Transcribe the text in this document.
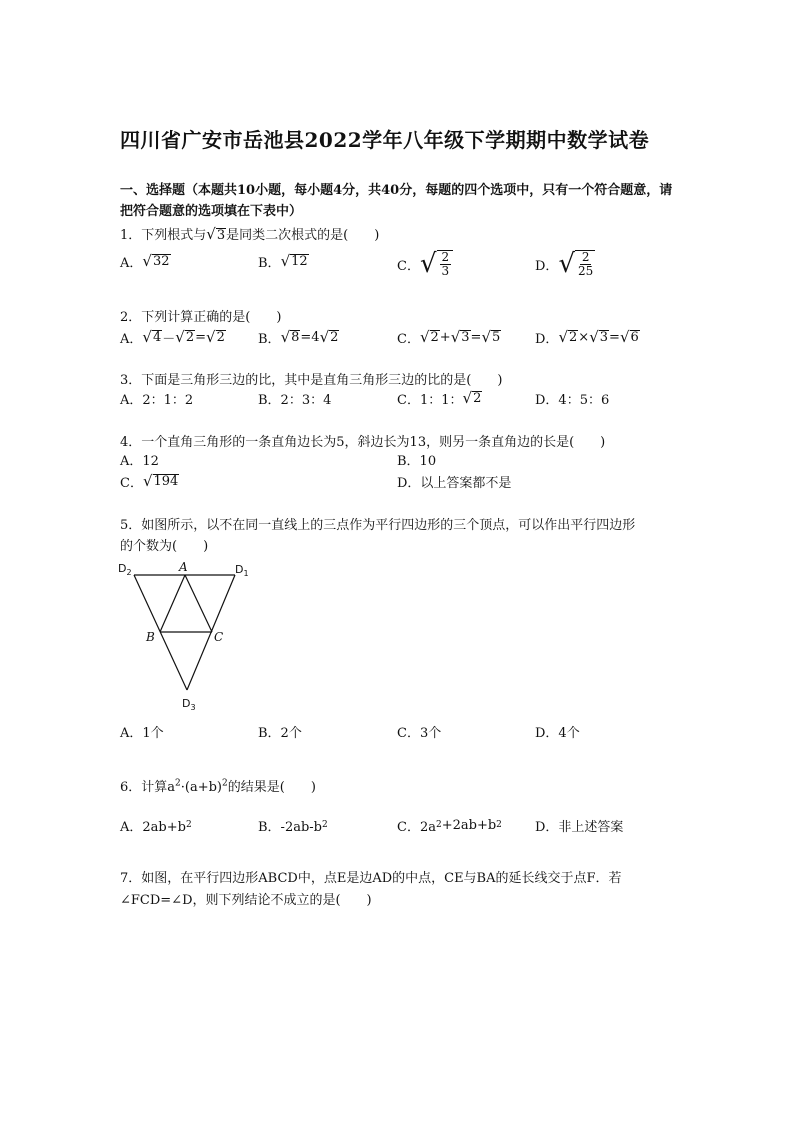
四川省广安市岳池县2022学年八年级下学期期中数学试卷
一、选择题（本题共10小题，每小题4分，共40分，每题的四个选项中，只有一个符合题意，请把符合题意的选项填在下表中）
1．下列根式与√3是同类二次根式的是(　　)
A． √ 32	B． √ 12	C． √ $\frac{2}{3}$	D． √ $\frac{2}{25}$
2．下列计算正确的是(　　)
A． √ 4 － √ 2 = √ 2	B． √ 8 =4 √ 2	C． √ 2 + √ 3 = √ 5	D． √ 2 × √ 3 = √ 6
3．下面是三角形三边的比，其中是直角三角形三边的比的是(　　)
A．2：1：2	B．2：3：4	C．1：1： √ 2	D．4：5：6
4．一个直角三角形的一条直角边长为5，斜边长为13，则另一条直角边的长是(　　)
A．12	B．10
C． √ 194	D．以上答案都不是
5．如图所示，以不在同一直线上的三点作为平行四边形的三个顶点，可以作出平行四边形
的个数为(　　)
$D_2$	A	$D_1$
B	C
$D_3$
A．1个	B．2个	C．3个	D．4个
6．计算$a^2\cdot(a+b)^2$的结果是(　　)
A．2ab+b 2	B．-2ab-b 2	C．2a 2 +2ab+b 2	D．非上述答案
7．如图，在平行四边形ABCD中，点E是边AD的中点，CE与BA的延长线交于点F．若
∠FCD=∠D，则下列结论不成立的是(　　)
